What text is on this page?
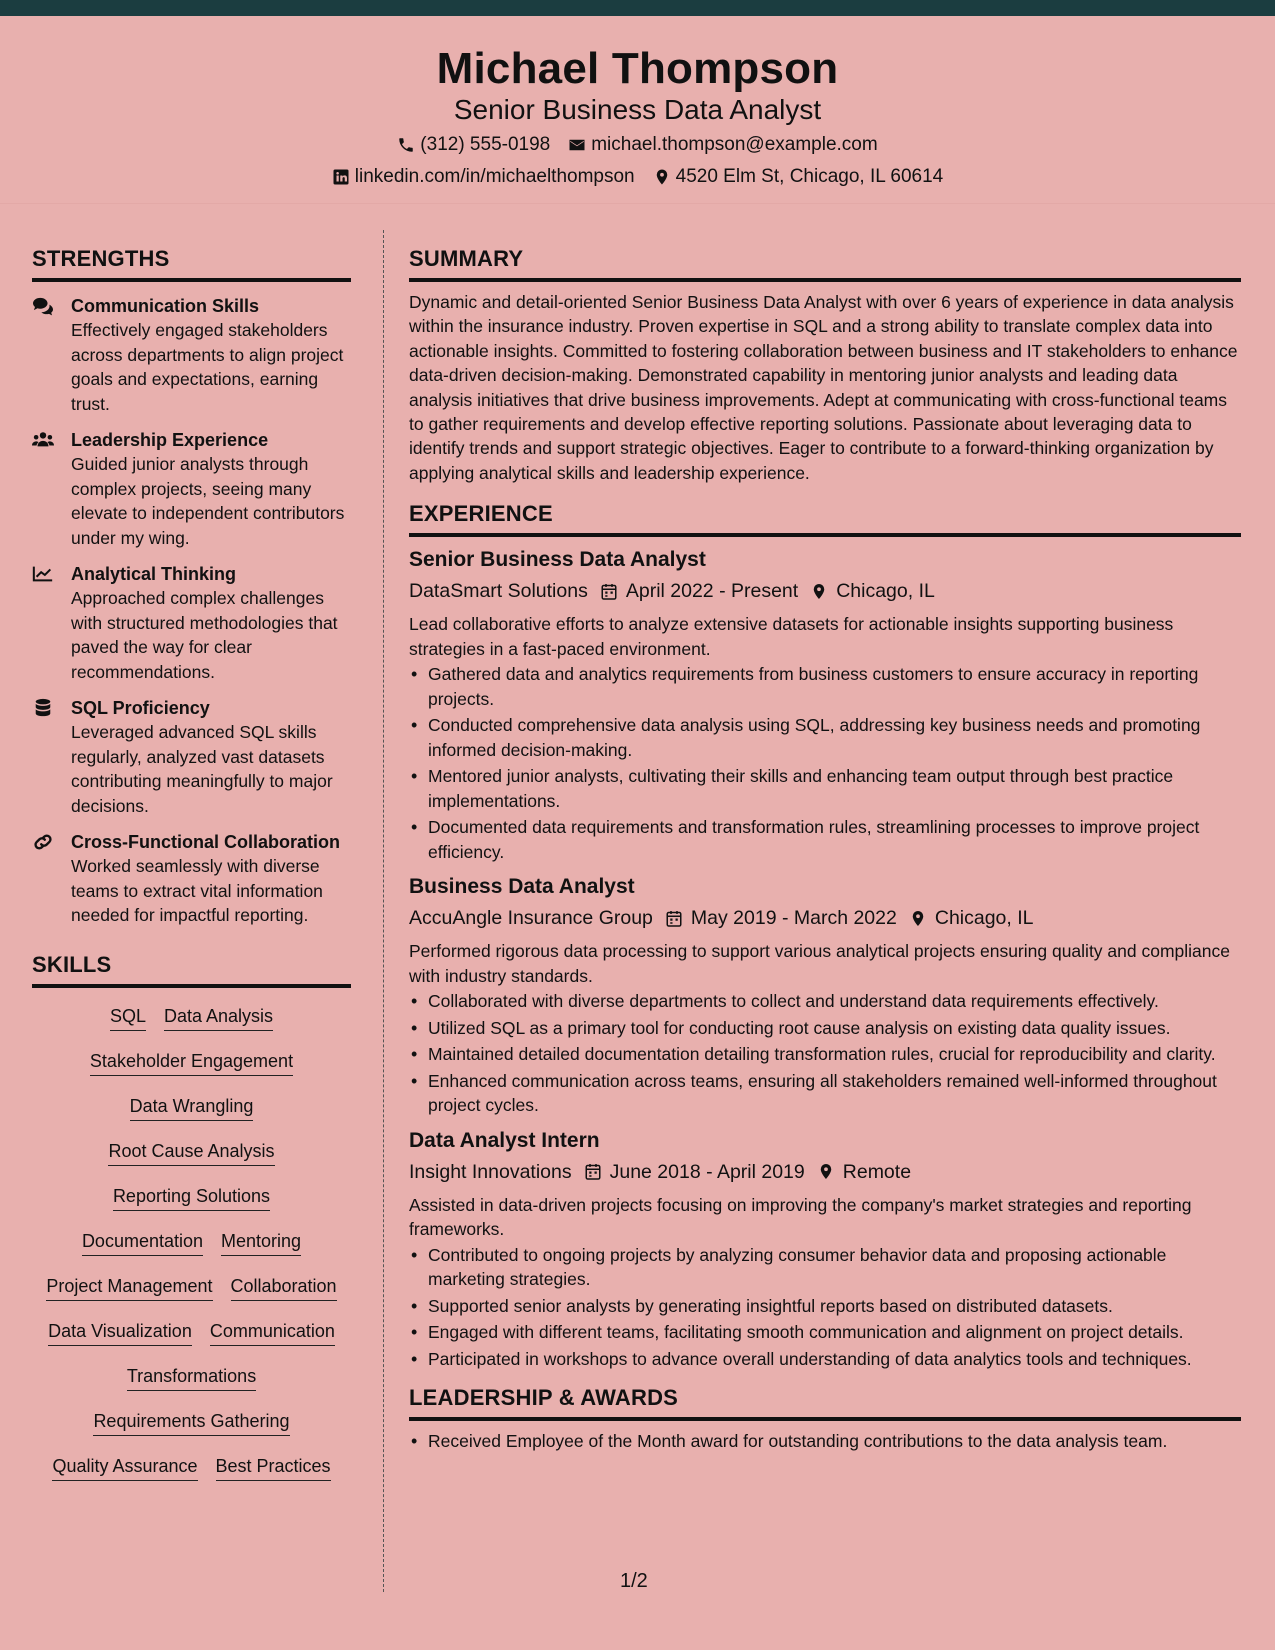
Michael Thompson
Senior Business Data Analyst
(312) 555-0198 michael.thompson@example.com
linkedin.com/in/michaelthompson 4520 Elm St, Chicago, IL 60614
STRENGTHS
Communication Skills
Effectively engaged stakeholders across departments to align project goals and expectations, earning trust.
Leadership Experience
Guided junior analysts through complex projects, seeing many elevate to independent contributors under my wing.
Analytical Thinking
Approached complex challenges with structured methodologies that paved the way for clear recommendations.
SQL Proficiency
Leveraged advanced SQL skills regularly, analyzed vast datasets contributing meaningfully to major decisions.
Cross-Functional Collaboration
Worked seamlessly with diverse teams to extract vital information needed for impactful reporting.
SKILLS
SQL Data Analysis
Stakeholder Engagement
Data Wrangling
Root Cause Analysis
Reporting Solutions
Documentation Mentoring
Project Management Collaboration
Data Visualization Communication
Transformations
Requirements Gathering
Quality Assurance Best Practices
SUMMARY

Dynamic and detail-oriented Senior Business Data Analyst with over 6 years of experience in data analysis within the insurance industry. Proven expertise in SQL and a strong ability to translate complex data into actionable insights. Committed to fostering collaboration between business and IT stakeholders to enhance data-driven decision-making. Demonstrated capability in mentoring junior analysts and leading data analysis initiatives that drive business improvements. Adept at communicating with cross-functional teams to gather requirements and develop effective reporting solutions. Passionate about leveraging data to identify trends and support strategic objectives. Eager to contribute to a forward-thinking organization by applying analytical skills and leadership experience.

EXPERIENCE
Senior Business Data Analyst
DataSmart Solutions April 2022 - Present Chicago, IL

Lead collaborative efforts to analyze extensive datasets for actionable insights supporting business strategies in a fast-paced environment.

• Gathered data and analytics requirements from business customers to ensure accuracy in reporting projects.
• Conducted comprehensive data analysis using SQL, addressing key business needs and promoting informed decision-making.
• Mentored junior analysts, cultivating their skills and enhancing team output through best practice implementations.
• Documented data requirements and transformation rules, streamlining processes to improve project efficiency.
Business Data Analyst
AccuAngle Insurance Group May 2019 - March 2022 Chicago, IL

Performed rigorous data processing to support various analytical projects ensuring quality and compliance with industry standards.

• Collaborated with diverse departments to collect and understand data requirements effectively.
• Utilized SQL as a primary tool for conducting root cause analysis on existing data quality issues.
• Maintained detailed documentation detailing transformation rules, crucial for reproducibility and clarity.
• Enhanced communication across teams, ensuring all stakeholders remained well-informed throughout project cycles.
Data Analyst Intern
Insight Innovations June 2018 - April 2019 Remote

Assisted in data-driven projects focusing on improving the company's market strategies and reporting frameworks.

• Contributed to ongoing projects by analyzing consumer behavior data and proposing actionable marketing strategies.
• Supported senior analysts by generating insightful reports based on distributed datasets.
• Engaged with different teams, facilitating smooth communication and alignment on project details.
• Participated in workshops to advance overall understanding of data analytics tools and techniques.
LEADERSHIP & AWARDS
• Received Employee of the Month award for outstanding contributions to the data analysis team.
1/2
